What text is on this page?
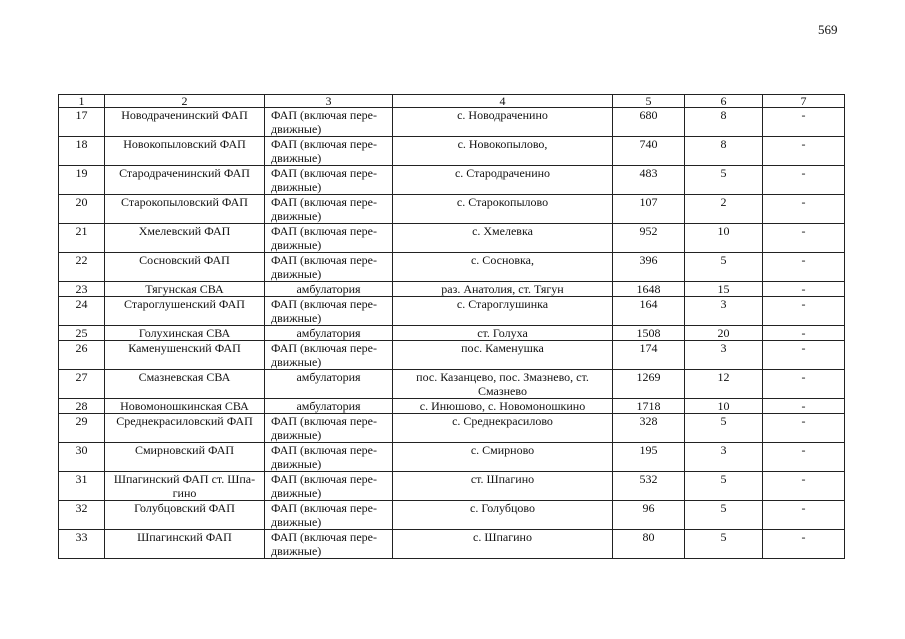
569
1	2	3	4	5	6	7
17	Новодраченинский ФАП	ФАП (включая пере-движные)	с. Новодраченино	680	8	-
18	Новокопыловский ФАП	ФАП (включая пере-движные)	с. Новокопылово,	740	8	-
19	Стародраченинский ФАП	ФАП (включая пере-движные)	с. Стародраченино	483	5	-
20	Старокопыловский ФАП	ФАП (включая пере-движные)	с. Старокопылово	107	2	-
21	Хмелевский ФАП	ФАП (включая пере-движные)	с. Хмелевка	952	10	-
22	Сосновский ФАП	ФАП (включая пере-движные)	с. Сосновка,	396	5	-
23	Тягунская СВА	амбулатория	раз. Анатолия, ст. Тягун	1648	15	-
24	Староглушенский ФАП	ФАП (включая пере-движные)	с. Староглушинка	164	3	-
25	Голухинская СВА	амбулатория	ст. Голуха	1508	20	-
26	Каменушенский ФАП	ФАП (включая пере-движные)	пос. Каменушка	174	3	-
27	Смазневская СВА	амбулатория	пос. Казанцево, пос. Змазнево, ст. Смазнево	1269	12	-
28	Новомоношкинская СВА	амбулатория	с. Инюшово, с. Новомоношкино	1718	10	-
29	Среднекрасиловский ФАП	ФАП (включая пере-движные)	с. Среднекрасилово	328	5	-
30	Смирновский ФАП	ФАП (включая пере-движные)	с. Смирново	195	3	-
31	Шпагинский ФАП ст. Шпа-гино	ФАП (включая пере-движные)	ст. Шпагино	532	5	-
32	Голубцовский ФАП	ФАП (включая пере-движные)	с. Голубцово	96	5	-
33	Шпагинский ФАП	ФАП (включая пере-движные)	с. Шпагино	80	5	-
